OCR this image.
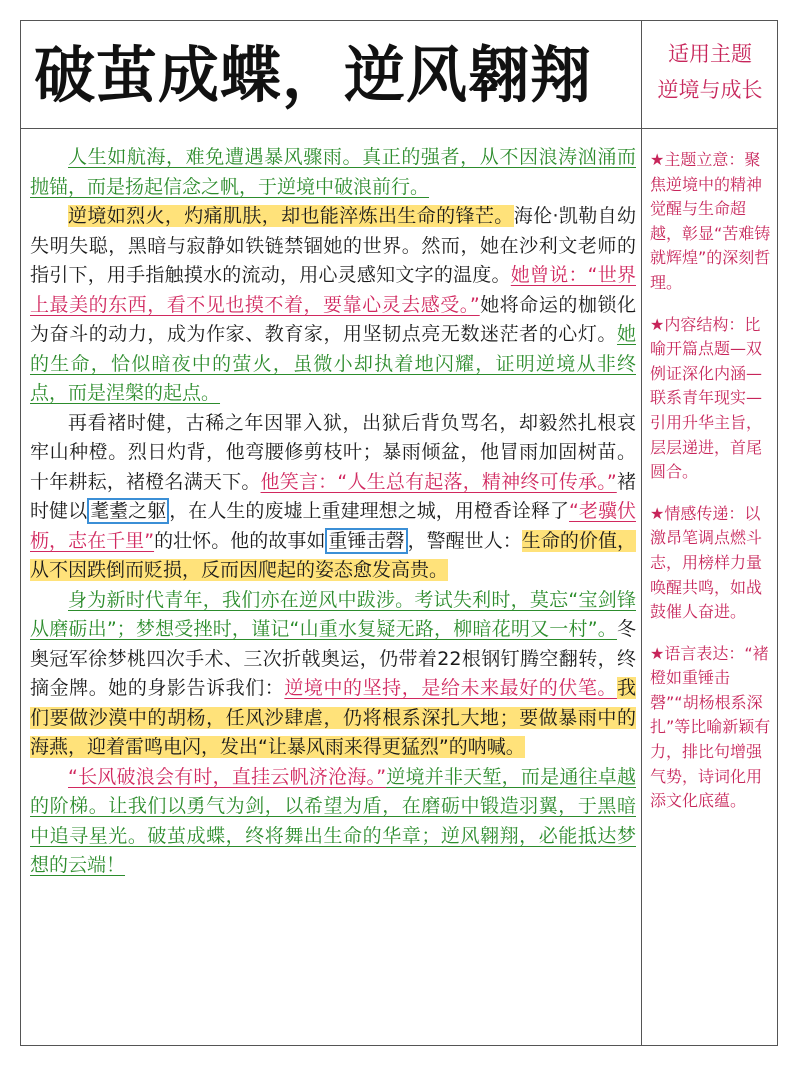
破茧成蝶，逆风翱翔	适用主题
逆境与成长

人生如航海，难免遭遇暴风骤雨。真正的强者，从不因浪涛汹涌而抛锚，而是扬起信念之帆，于逆境中破浪前行。

逆境如烈火，灼痛肌肤，却也能淬炼出生命的锋芒。海伦·凯勒自幼失明失聪，黑暗与寂静如铁链禁锢她的世界。然而，她在沙利文老师的指引下，用手指触摸水的流动，用心灵感知文字的温度。她曾说：“世界上最美的东西，看不见也摸不着，要靠心灵去感受。”她将命运的枷锁化为奋斗的动力，成为作家、教育家，用坚韧点亮无数迷茫者的心灯。她的生命，恰似暗夜中的萤火，虽微小却执着地闪耀，证明逆境从非终点，而是涅槃的起点。

再看褚时健，古稀之年因罪入狱，出狱后背负骂名，却毅然扎根哀牢山种橙。烈日灼背，他弯腰修剪枝叶；暴雨倾盆，他冒雨加固树苗。十年耕耘，褚橙名满天下。他笑言：“人生总有起落，精神终可传承。”褚时健以 耄耋之躯 ，在人生的废墟上重建理想之城，用橙香诠释了“老骥伏枥，志在千里”的壮怀。他的故事如 重锤击磬 ，警醒世人：生命的价值，从不因跌倒而贬损，反而因爬起的姿态愈发高贵。

身为新时代青年，我们亦在逆风中跋涉。考试失利时，莫忘“宝剑锋从磨砺出”；梦想受挫时，谨记“山重水复疑无路，柳暗花明又一村”。冬奥冠军徐梦桃四次手术、三次折戟奥运，仍带着22根钢钉腾空翻转，终摘金牌。她的身影告诉我们：逆境中的坚持，是给未来最好的伏笔。我们要做沙漠中的胡杨，任风沙肆虐，仍将根系深扎大地；要做暴雨中的海燕，迎着雷鸣电闪，发出“让暴风雨来得更猛烈”的呐喊。

“长风破浪会有时，直挂云帆济沧海。”逆境并非天堑，而是通往卓越的阶梯。让我们以勇气为剑，以希望为盾，在磨砺中锻造羽翼，于黑暗中追寻星光。破茧成蝶，终将舞出生命的华章；逆风翱翔，必能抵达梦想的云端！

★主题立意：聚焦逆境中的精神觉醒与生命超越，彰显“苦难铸就辉煌”的深刻哲理。

★内容结构：比喻开篇点题—双例证深化内涵—联系青年现实—引用升华主旨，层层递进，首尾圆合。

★情感传递：以激昂笔调点燃斗志，用榜样力量唤醒共鸣，如战鼓催人奋进。

★语言表达：“褚橙如重锤击磬”“胡杨根系深扎”等比喻新颖有力，排比句增强气势，诗词化用添文化底蕴。
